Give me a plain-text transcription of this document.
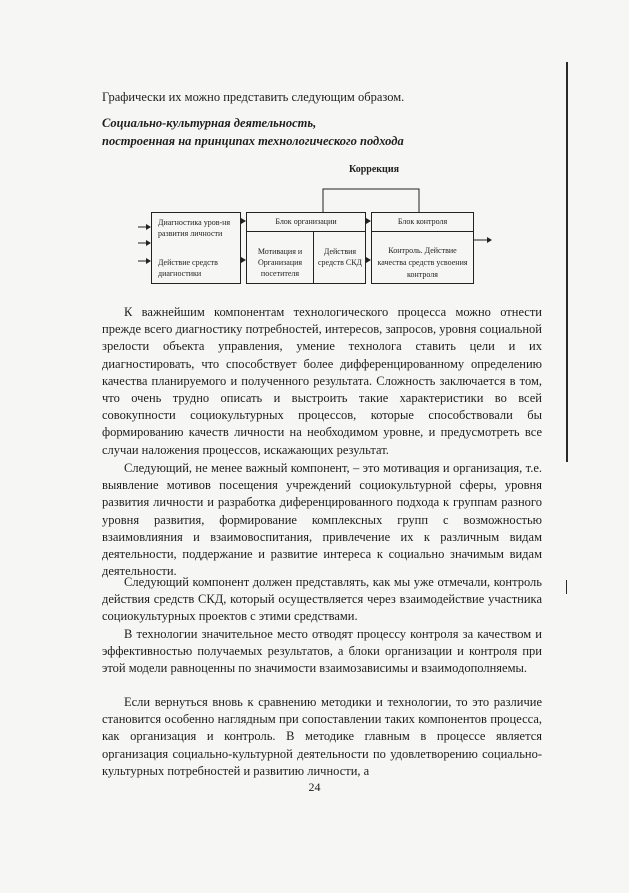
Графически их можно представить следующим образом.

Социально-культурная деятельность,
построенная на принципах технологического подхода
Коррекция
Диагностика уров-ня развития личности
Действие средств диагностики
Блок организации
Мотивация и Организация посетителя
Действия средств СКД
Блок контроля
Контроль. Действие качества средств усвоения контроля

К важнейшим компонентам технологического процесса можно отнести прежде всего диагностику потребностей, интересов, запросов, уровня социальной зрелости объекта управления, умение технолога ставить цели и их диагностировать, что способствует более дифференцированному определению качества планируемого и полученного результата. Сложность заключается в том, что очень трудно описать и выстроить такие характеристики во всей совокупности социокультурных процессов, которые способствовали бы формированию качеств личности на необходимом уровне, и предусмотреть все случаи наложения процессов, искажающих результат.

Следующий, не менее важный компонент, – это мотивация и организация, т.е. выявление мотивов посещения учреждений социокультурной сферы, уровня развития личности и разработка диференцированного подхода к группам разного уровня развития, формирование комплексных групп с возможностью взаимовлияния и взаимовоспитания, привлечение их к различным видам деятельности, поддержание и развитие интереса к социально значимым видам деятельности.

Следующий компонент должен представлять, как мы уже отмечали, контроль действия средств СКД, который осуществляется через взаимодействие участника социокультурных проектов с этими средствами.

В технологии значительное место отводят процессу контроля за качеством и эффективностью получаемых результатов, а блоки организации и контроля при этой модели равноценны по значимости взаимозависимы и взаимодополняемы.

Если вернуться вновь к сравнению методики и технологии, то это различие становится особенно наглядным при сопоставлении таких компонентов процесса, как организация и контроль. В методике главным в процессе является организация социально-культурной деятельности по удовлетворению социально-культурных потребностей и развитию личности, а

24
